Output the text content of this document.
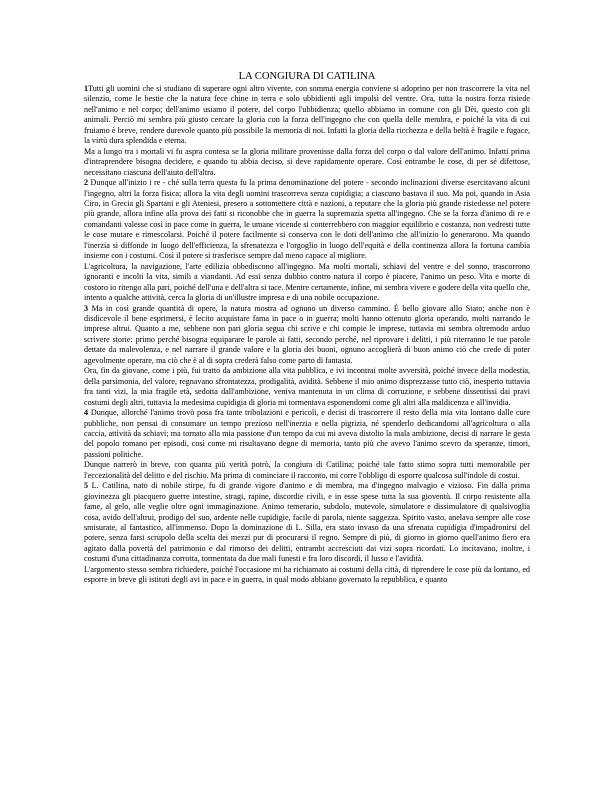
LA CONGIURA DI CATILINA

1Tutti gli uomini che si studiano di superare ogni altro vivente, con somma energia conviene si adoprino per non trascorrere la vita nel silenzio, come le bestie che la natura fece chine in terra e solo ubbidienti agli impulsi del ventre. Ora, tutta la nostra forza risiede nell'animo e nel corpo; dell'animo usiamo il potere, del corpo l'ubbidienza; quello abbiamo in comune con gli Dèi, questo con gli animali. Perciò mi sembra più giusto cercare la gloria con la forza dell'ingegno che con quella delle membra, e poiché la vita di cui fruiamo è breve, rendere durevole quanto più possibile la memoria di noi. Infatti la gloria della ricchezza e della beltà è fragile e fugace, la virtù dura splendida e eterna.

Ma a lungo tra i mortali vi fu aspra contesa se la gloria militare provenisse dalla forza del corpo o dal valore dell'animo. Infatti prima d'intraprendere bisogna decidere, e quando tu abbia deciso, si deve rapidamente operare. Così entrambe le cose, di per sé difettose, necessitano ciascuna dell'aiuto dell'altra.

2 Dunque all'inizio i re - ché sulla terra questa fu la prima denominazione del potere - secondo inclinazioni diverse esercitavano alcuni l'ingegno, altri la forza fisica; allora la vita degli uomini trascorreva senza cupidigia; a ciascuno bastava il suo. Ma poi, quando in Asia Ciro, in Grecia gli Spartani e gli Ateniesi, presero a sottomettere città e nazioni, a reputare che la gloria più grande risiedesse nel potere più grande, allora infine alla prova dei fatti si riconobbe che in guerra la supremazia spetta all'ingegno. Che se la forza d'animo di re e comandanti valesse così in pace come in guerra, le umane vicende si conterrebbero con maggior equilibrio e costanza, non vedresti tutte le cose mutare e rimescolarsi. Poiché il potere facilmente si conserva con le doti dell'animo che all'inizio lo generarono. Ma quando l'inerzia si diffonde in luogo dell'efficienza, la sfrenatezza e l'orgoglio in luogo dell'equità e della continenza allora la fortuna cambia insieme con i costumi. Così il potere si trasferisce sempre dal meno capace al migliore.

L'agricoltura, la navigazione, l'arte edilizia obbediscono all'ingegno. Ma molti mortali, schiavi del ventre e del sonno, trascorrono ignoranti e incolti la vita, simili a viandanti. Ad essi senza dubbio contro natura il corpo è piacere, l'animo un peso. Vita e morte di costoro io ritengo alla pari, poiché dell'una e dell'altra si tace. Mentre certamente, infine, mi sembra vivere e godere della vita quello che, intento a qualche attività, cerca la gloria di un'illustre impresa e di una nobile occupazione.

3 Ma in così grande quantità di opere, la natura mostra ad ognuno un diverso cammino. È bello giovare allo Stato; anche non è disdicevole il bene esprimersi, è lecito acquistare fama in pace o in guerra; molti hanno ottenuto gloria operando, molti narrando le imprese altrui. Quanto a me, sebbene non pari gloria segua chi scrive e chi compie le imprese, tuttavia mi sembra oltremodo arduo scrivere storie: primo perché bisogna equiparare le parole ai fatti, secondo perché, nel riprovare i delitti, i più riterranno le tue parole dettate da malevolenza, e nel narrare il grande valore e la gloria dei buoni, ognuno accoglierà di buon animo ciò che crede di poter agevolmente operare, ma ciò che è al di sopra crederà falso come parto di fantasia.

Ora, fin da giovane, come i più, fui tratto da ambizione alla vita pubblica, e ivi incontrai molte avversità, poiché invece della modestia, della parsimonia, del valore, regnavano sfrontatezza, prodigalità, avidità. Sebbene il mio animo disprezzasse tutto ciò, inesperto tuttavia fra tanti vizi, la mia fragile età, sedotta dall'ambizione, veniva mantenuta in un clima di corruzione, e sebbene dissentissi dai pravi costumi degli altri, tuttavia la medesima cupidigia di gloria mi tormentava esponendomi come gli altri alla maldicenza e all'invidia.

4 Dunque, allorché l'animo trovò posa fra tante tribolazioni e pericoli, e decisi di trascorrere il resto della mia vita lontano dalle cure pubbliche, non pensai di consumare un tempo prezioso nell'inerzia e nella pigrizia, né spenderlo dedicandomi all'agricoltura o alla caccia, attività da schiavi; ma tornato alla mia passione d'un tempo da cui mi aveva distolto la mala ambizione, decisi di narrare le gesta del popolo romano per episodi, così come mi risultavano degne di memoria, tanto più che avevo l'animo scevro da speranze, timori, passioni politiche.

Dunque narrerò in breve, con quanta più verità potrò, la congiura di Catilina; poiché tale fatto stimo sopra tutti memorabile per l'eccezionalità del delitto e del rischio. Ma prima di cominciare il racconto, mi corre l'obbligo di esporre qualcosa sull'indole di costui.

5 L. Catilina, nato di nobile stirpe, fu di grande vigore d'animo e di membra, ma d'ingegno malvagio e vizioso. Fin dalla prima giovinezza gli piacquero guerre intestine, stragi, rapine, discordie civili, e in esse spese tutta la sua gioventù. Il corpo resistente alla fame, al gelo, alle veglie oltre ogni immaginazione. Animo temerario, subdolo, mutevole, simulatore e dissimulatore di qualsivoglia cosa, avido dell'altrui, prodigo del suo, ardente nelle cupidigie, facile di parola, niente saggezza. Spirito vasto, anelava sempre alle cose smisurate, al fantastico, all'immenso. Dopo la dominazione di L. Silla, era stato invaso da una sfrenata cupidigia d'impadronirsi del potere, senza farsi scrupolo della scelta dei mezzi pur di procurarsi il regno. Sempre di più, di giorno in giorno quell'animo fiero era agitato dalla povertà del patrimonio e dal rimorso dei delitti, entrambi accresciuti dai vizi sopra ricordati. Lo incitavano, inoltre, i costumi d'una cittadinanza corrotta, tormentata da due mali funesti e fra loro discordi, il lusso e l'avidità.

L'argomento stesso sembra richiedere, poiché l'occasione mi ha richiamato ai costumi della città, di riprendere le cose più da lontano, ed esporre in breve gli istituti degli avi in pace e in guerra, in qual modo abbiano governato la repubblica, e quanto
